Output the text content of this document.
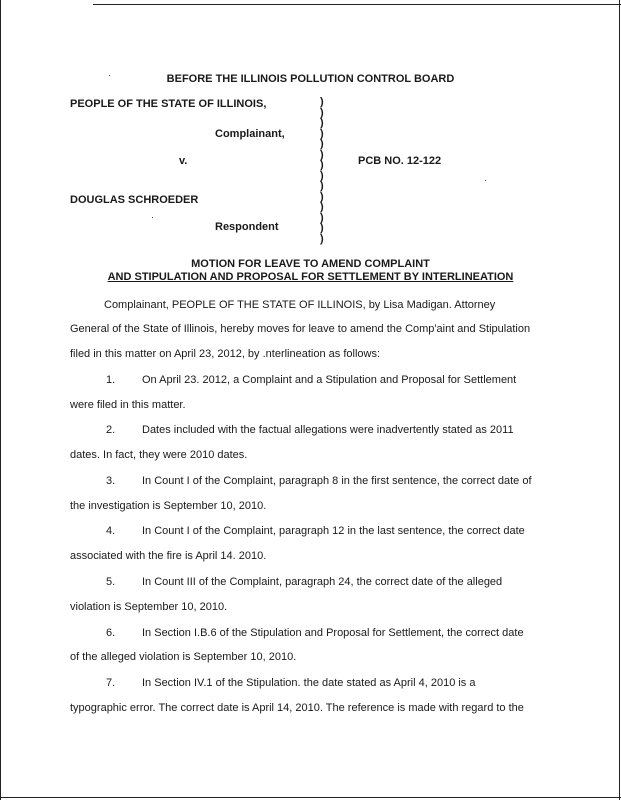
BEFORE THE ILLINOIS POLLUTION CONTROL BOARD
PEOPLE OF THE STATE OF ILLINOIS,
Complainant,
v.	PCB NO. 12-122
DOUGLAS SCHROEDER
Respondent
)
)
)
)
)
)
)
)
)
)
)
)
)
)
MOTION FOR LEAVE TO AMEND COMPLAINT
AND STIPULATION AND PROPOSAL FOR SETTLEMENT BY INTERLINEATION
Complainant, PEOPLE OF THE STATE OF ILLINOIS, by Lisa Madigan. Attorney
General of the State of Illinois, hereby moves for leave to amend the Comp'aint and Stipulation
filed in this matter on April 23, 2012, by .nterlineation as follows:
1. On April 23. 2012, a Complaint and a Stipulation and Proposal for Settlement
were filed in this matter.
2. Dates included with the factual allegations were inadvertently stated as 2011
dates. In fact, they were 2010 dates.
3. In Count I of the Complaint, paragraph 8 in the first sentence, the correct date of
the investigation is September 10, 2010.
4. In Count I of the Complaint, paragraph 12 in the last sentence, the correct date
associated with the fire is April 14. 2010.
5. In Count III of the Complaint, paragraph 24, the correct date of the alleged
violation is September 10, 2010.
6. In Section I.B.6 of the Stipulation and Proposal for Settlement, the correct date
of the alleged violation is September 10, 2010.
7. In Section IV.1 of the Stipulation. the date stated as April 4, 2010 is a
typographic error. The correct date is April 14, 2010. The reference is made with regard to the
